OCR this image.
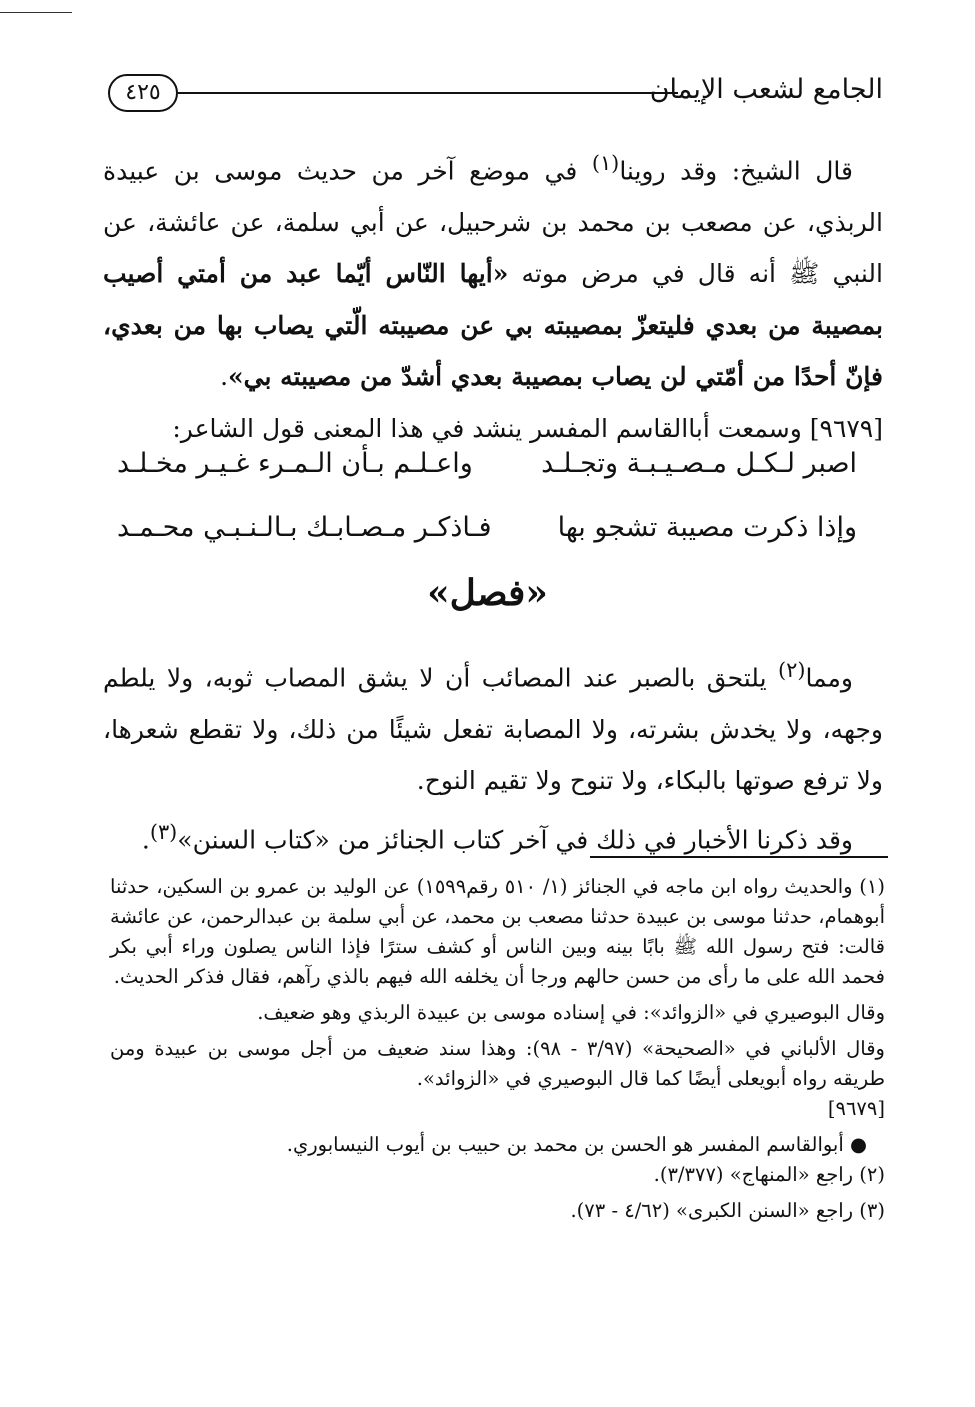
الجامع لشعب الإيمان
٤٢٥

قال الشيخ: وقد روينا$^{(١)}$ في موضع آخر من حديث موسى بن عبيدة الربذي، عن مصعب بن محمد بن شرحبيل، عن أبي سلمة، عن عائشة، عن النبي ﷺ أنه قال في مرض موته «أيها النّاس أيّما عبد من أمتي أصيب بمصيبة من بعدي فليتعزّ بمصيبته بي عن مصيبته الّتي يصاب بها من بعدي، فإنّ أحدًا من أمّتي لن يصاب بمصيبة بعدي أشدّ من مصيبته بي».

[٩٦٧٩] وسمعت أباالقاسم المفسر ينشد في هذا المعنى قول الشاعر:

اصبر لـكـل مـصـيـبـة وتجـلـد
واعـلـم بـأن الـمـرء غـيـر مخـلـد
وإذا ذكرت مصيبة تشجو بها
فـاذكـر مـصـابـك بـالـنـبـي محـمـد
«فصل»

ومما$^{(٢)}$ يلتحق بالصبر عند المصائب أن لا يشق المصاب ثوبه، ولا يلطم وجهه، ولا يخدش بشرته، ولا المصابة تفعل شيئًا من ذلك، ولا تقطع شعرها، ولا ترفع صوتها بالبكاء، ولا تنوح ولا تقيم النوح.

وقد ذكرنا الأخبار في ذلك في آخر كتاب الجنائز من «كتاب السنن»$^{(٣)}$.

(١) والحديث رواه ابن ماجه في الجنائز (١/ ٥١٠ رقم١٥٩٩) عن الوليد بن عمرو بن السكين، حدثنا أبوهمام، حدثنا موسى بن عبيدة حدثنا مصعب بن محمد، عن أبي سلمة بن عبدالرحمن، عن عائشة قالت: فتح رسول الله ﷺ بابًا بينه وبين الناس أو كشف سترًا فإذا الناس يصلون وراء أبي بكر فحمد الله على ما رأى من حسن حالهم ورجا أن يخلفه الله فيهم بالذي رآهم، فقال فذكر الحديث.

وقال البوصيري في «الزوائد»: في إسناده موسى بن عبيدة الربذي وهو ضعيف.

وقال الألباني في «الصحيحة» (٣/٩٧ - ٩٨): وهذا سند ضعيف من أجل موسى بن عبيدة ومن طريقه رواه أبويعلى أيضًا كما قال البوصيري في «الزوائد».

[٩٦٧٩]

● أبوالقاسم المفسر هو الحسن بن محمد بن حبيب بن أيوب النيسابوري.

(٢) راجع «المنهاج» (٣/٣٧٧).

(٣) راجع «السنن الكبرى» (٤/٦٢ - ٧٣).
